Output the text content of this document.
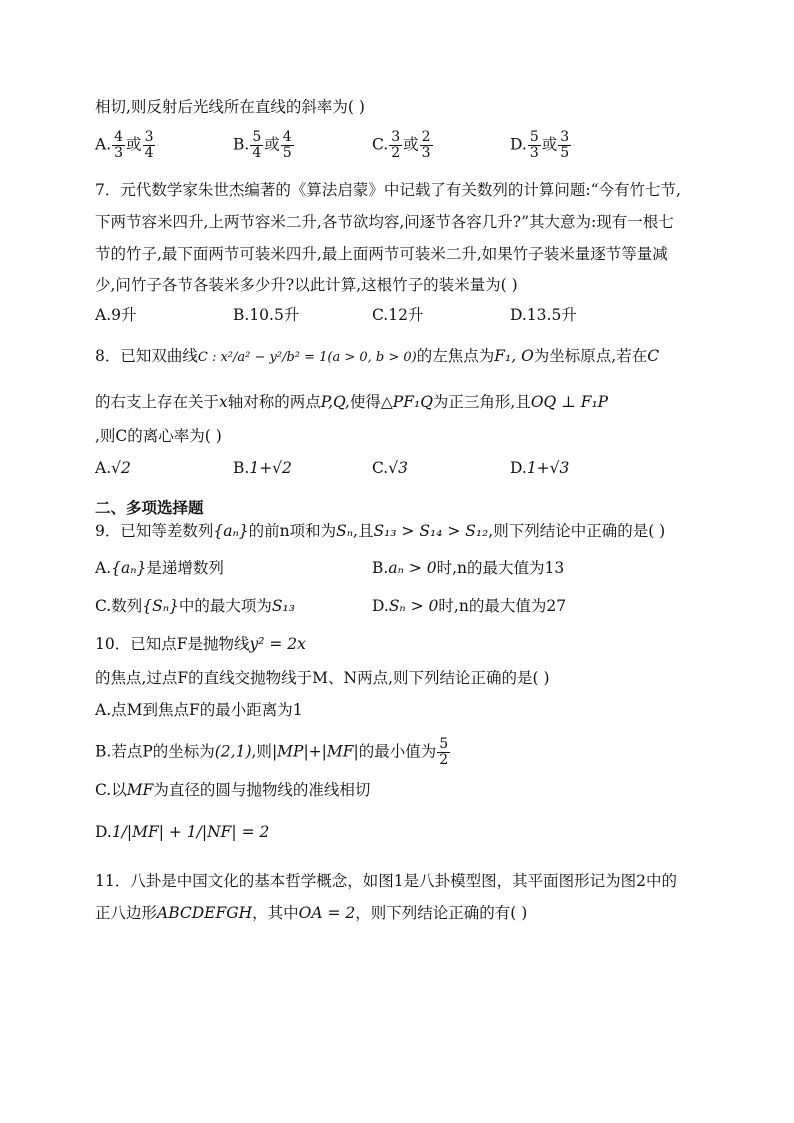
相切,则反射后光线所在直线的斜率为( )
A. $\frac{4}{3}$ 或 $\frac{3}{4}$	B. $\frac{5}{4}$ 或 $\frac{4}{5}$	C. $\frac{3}{2}$ 或 $\frac{2}{3}$	D. $\frac{5}{3}$ 或 $\frac{3}{5}$
7．元代数学家朱世杰编著的《算法启蒙》中记载了有关数列的计算问题:“今有竹七节,
下两节容米四升,上两节容米二升,各节欲均容,问逐节各容几升?”其大意为:现有一根七
节的竹子,最下面两节可装米四升,最上面两节可装米二升,如果竹子装米量逐节等量减
少,问竹子各节各装米多少升?以此计算,这根竹子的装米量为( )
A.9升	B.10.5升	C.12升	D.13.5升
8．已知双曲线C : x²/a² − y²/b² = 1(a > 0, b > 0)的左焦点为F₁, O为坐标原点,若在C
的右支上存在关于x轴对称的两点P,Q,使得△PF₁Q为正三角形,且OQ ⊥ F₁P
,则C的离心率为( )
A.√2	B.1+√2	C.√3	D.1+√3
二、多项选择题
9．已知等差数列{aₙ}的前n项和为Sₙ,且S₁₃ > S₁₄ > S₁₂,则下列结论中正确的是( )
A.{aₙ}是递增数列	B.aₙ > 0时,n的最大值为13
C.数列{Sₙ}中的最大项为S₁₃	D.Sₙ > 0时,n的最大值为27
10．已知点F是抛物线y² = 2x
的焦点,过点F的直线交抛物线于M、N两点,则下列结论正确的是( )
A.点M到焦点F的最小距离为1
B.若点P的坐标为(2,1),则|MP|+|MF|的最小值为 $\frac{5}{2}$
C.以MF为直径的圆与抛物线的准线相切
D.1/|MF| + 1/|NF| = 2
11．八卦是中国文化的基本哲学概念，如图1是八卦模型图，其平面图形记为图2中的
正八边形ABCDEFGH，其中OA = 2，则下列结论正确的有( )
